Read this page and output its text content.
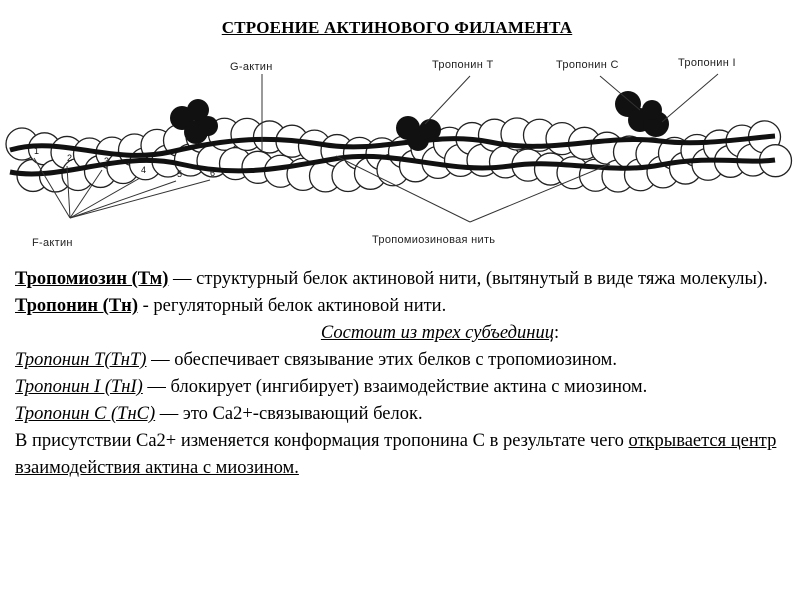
СТРОЕНИЕ АКТИНОВОГО ФИЛАМЕНТА
1
2	3
4	5	6
G-актин	Тропонин Т	Тропонин С	Тропонин I
F-актин	Тропомиозиновая нить

Тропомиозин (Тм) — структурный белок актиновой нити, (вытянутый в виде тяжа молекулы).

Тропонин (Тн) - регуляторный белок актиновой нити.

Состоит из трех субъединиц:

Тропонин Т(ТнТ) — обеспечивает связывание этих белков с тропомиозином.

Тропонин I (ТнI) — блокирует (ингибирует) взаимодействие актина с миозином.

Тропонин С (ТнС) — это Са2+-связывающий белок.

В присутствии Са2+ изменяется конформация тропонина С в результате чего открывается центр взаимодействия актина с миозином.
